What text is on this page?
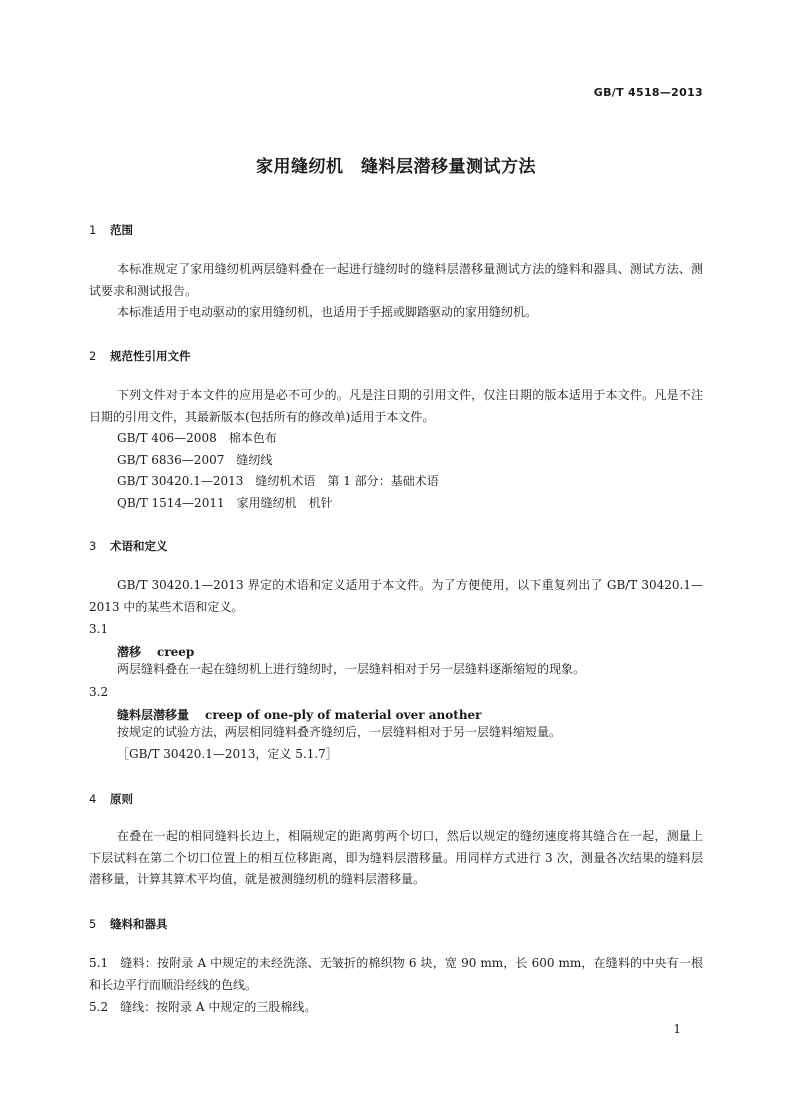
GB/T 4518—2013
家用缝纫机　缝料层潜移量测试方法
1 范围
本标准规定了家用缝纫机两层缝料叠在一起进行缝纫时的缝料层潜移量测试方法的缝料和器具、测试方法、测试要求和测试报告。
本标准适用于电动驱动的家用缝纫机，也适用于手摇或脚踏驱动的家用缝纫机。
2 规范性引用文件
下列文件对于本文件的应用是必不可少的。凡是注日期的引用文件，仅注日期的版本适用于本文件。凡是不注日期的引用文件，其最新版本(包括所有的修改单)适用于本文件。
GB/T 406—2008　棉本色布
GB/T 6836—2007　缝纫线
GB/T 30420.1—2013　缝纫机术语　第 1 部分：基础术语
QB/T 1514—2011　家用缝纫机　机针
3 术语和定义
GB/T 30420.1—2013 界定的术语和定义适用于本文件。为了方便使用，以下重复列出了 GB/T 30420.1—2013 中的某些术语和定义。
3.1
潜移 creep
两层缝料叠在一起在缝纫机上进行缝纫时，一层缝料相对于另一层缝料逐渐缩短的现象。
3.2
缝料层潜移量 creep of one-ply of material over another
按规定的试验方法，两层相同缝料叠齐缝纫后，一层缝料相对于另一层缝料缩短量。
［GB/T 30420.1—2013，定义 5.1.7］
4 原则
在叠在一起的相同缝料长边上，相隔规定的距离剪两个切口，然后以规定的缝纫速度将其缝合在一起，测量上下层试料在第二个切口位置上的相互位移距离，即为缝料层潜移量。用同样方式进行 3 次，测量各次结果的缝料层潜移量，计算其算术平均值，就是被测缝纫机的缝料层潜移量。
5 缝料和器具
5.1　缝料：按附录 A 中规定的未经洗涤、无皱折的棉织物 6 块，宽 90 mm，长 600 mm，在缝料的中央有一根和长边平行而顺沿经线的色线。
5.2　缝线：按附录 A 中规定的三股棉线。
1
